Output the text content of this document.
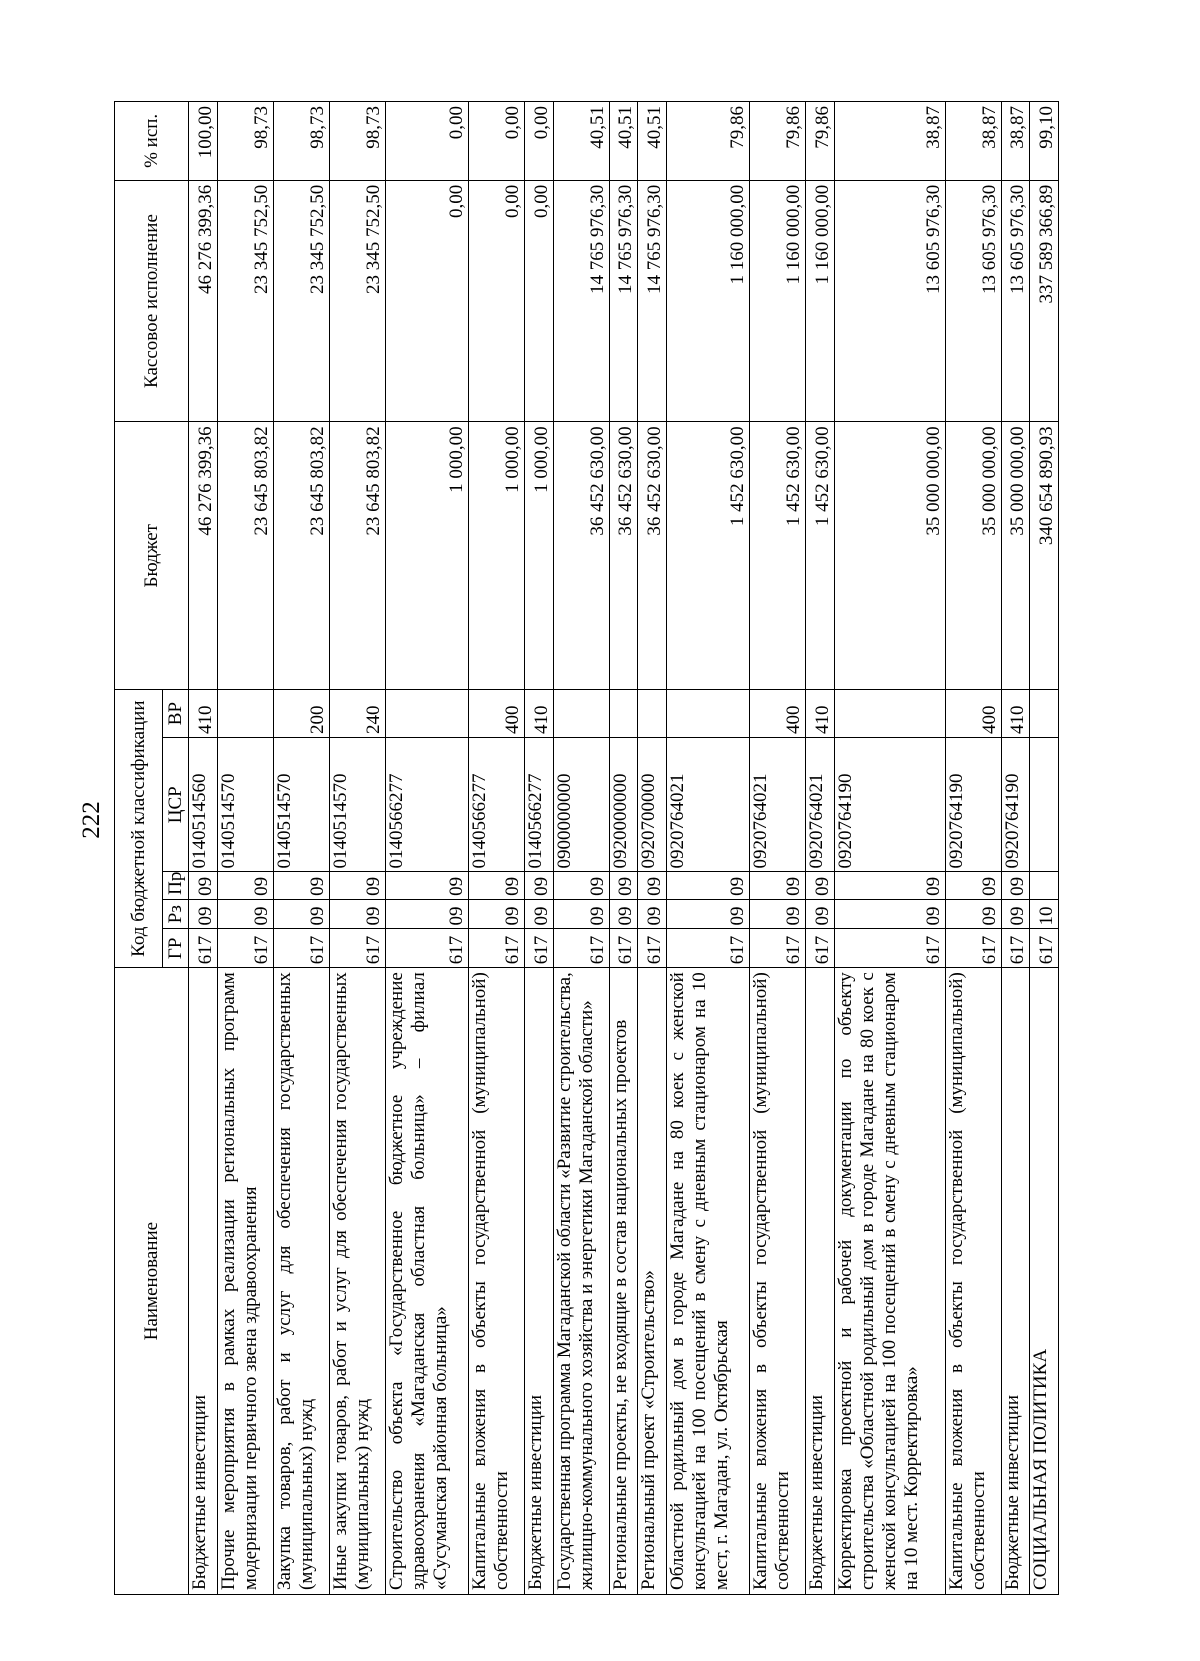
222
Наименование	Код бюджетной классификации					Бюджет	Кассовое исполнение	% исп.
	ГР	Рз	Пр	ЦСР	ВР			
Бюджетные инвестиции	617	09	09	0140514560	410	46 276 399,36	46 276 399,36	100,00
Прочие мероприятия в рамках реализации региональных программ модернизации первичного звена здравоохранения	617	09	09	0140514570		23 645 803,82	23 345 752,50	98,73
Закупка товаров, работ и услуг для обеспечения государственных (муниципальных) нужд	617	09	09	0140514570	200	23 645 803,82	23 345 752,50	98,73
Иные закупки товаров, работ и услуг для обеспечения государственных (муниципальных) нужд	617	09	09	0140514570	240	23 645 803,82	23 345 752,50	98,73
Строительство объекта «Государственное бюджетное учреждение здравоохранения «Магаданская областная больница» – филиал «Сусуманская районная больница»	617	09	09	0140566277		1 000,00	0,00	0,00
Капитальные вложения в объекты государственной (муниципальной) собственности	617	09	09	0140566277	400	1 000,00	0,00	0,00
Бюджетные инвестиции	617	09	09	0140566277	410	1 000,00	0,00	0,00
Государственная программа Магаданской области «Развитие строительства, жилищно-коммунального хозяйства и энергетики Магаданской области»	617	09	09	0900000000		36 452 630,00	14 765 976,30	40,51
Региональные проекты, не входящие в состав национальных проектов	617	09	09	0920000000		36 452 630,00	14 765 976,30	40,51
Региональный проект «Строительство»	617	09	09	0920700000		36 452 630,00	14 765 976,30	40,51
Областной родильный дом в городе Магадане на 80 коек с женской консультацией на 100 посещений в смену с дневным стационаром на 10 мест, г. Магадан, ул. Октябрьская	617	09	09	0920764021		1 452 630,00	1 160 000,00	79,86
Капитальные вложения в объекты государственной (муниципальной) собственности	617	09	09	0920764021	400	1 452 630,00	1 160 000,00	79,86
Бюджетные инвестиции	617	09	09	0920764021	410	1 452 630,00	1 160 000,00	79,86
Корректировка проектной и рабочей документации по объекту строительства «Областной родильный дом в городе Магадане на 80 коек с женской консультацией на 100 посещений в смену с дневным стационаром на 10 мест. Корректировка»	617	09	09	0920764190		35 000 000,00	13 605 976,30	38,87
Капитальные вложения в объекты государственной (муниципальной) собственности	617	09	09	0920764190	400	35 000 000,00	13 605 976,30	38,87
Бюджетные инвестиции	617	09	09	0920764190	410	35 000 000,00	13 605 976,30	38,87
СОЦИАЛЬНАЯ ПОЛИТИКА	617	10				340 654 890,93	337 589 366,89	99,10
